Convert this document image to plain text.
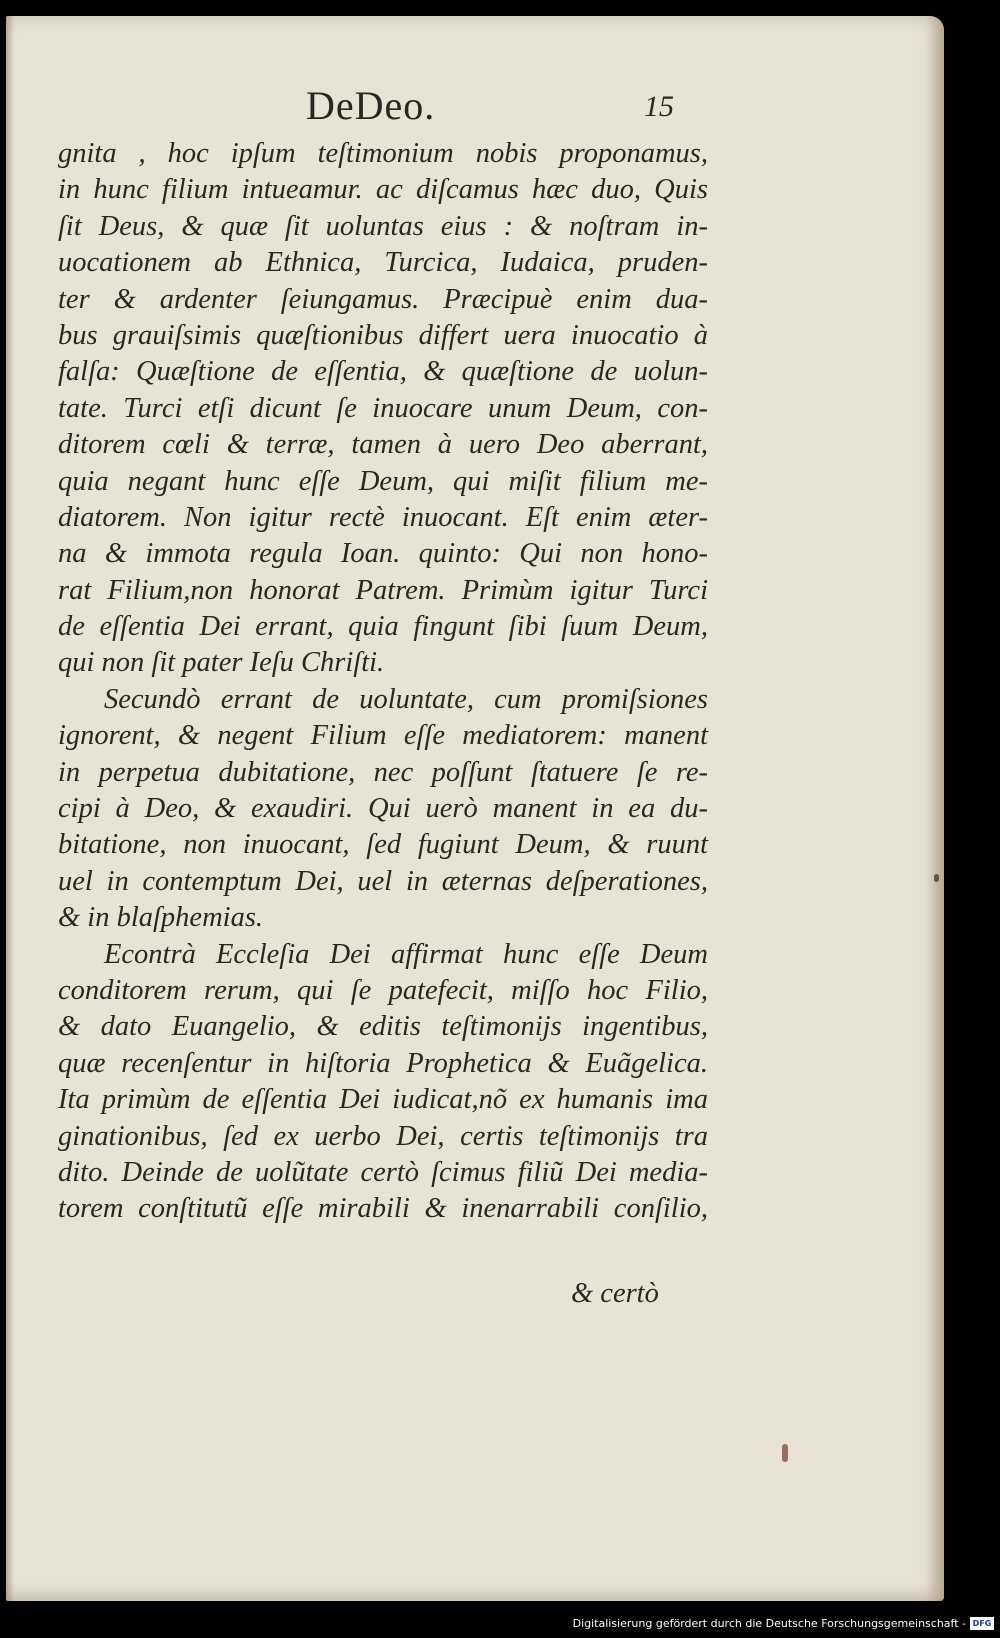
DeDeo.	15
gnita , hoc ipſum teſtimonium nobis proponamus,
in hunc filium intueamur. ac diſcamus hæc duo, Quis
ſit Deus, & quæ ſit uoluntas eius : & noſtram in-
uocationem ab Ethnica, Turcica, Iudaica, pruden-
ter & ardenter ſeiungamus. Præcipuè enim dua-
bus grauiſsimis quæſtionibus differt uera inuocatio à
falſa: Quæſtione de eſſentia, & quæſtione de uolun-
tate. Turci etſi dicunt ſe inuocare unum Deum, con-
ditorem cœli & terræ, tamen à uero Deo aberrant,
quia negant hunc eſſe Deum, qui miſit filium me-
diatorem. Non igitur rectè inuocant. Eſt enim æter-
na & immota regula Ioan. quinto: Qui non hono-
rat Filium,non honorat Patrem. Primùm igitur Turci
de eſſentia Dei errant, quia fingunt ſibi ſuum Deum,
qui non ſit pater Ieſu Chriſti.
Secundò errant de uoluntate, cum promiſsiones
ignorent, & negent Filium eſſe mediatorem: manent
in perpetua dubitatione, nec poſſunt ſtatuere ſe re-
cipi à Deo, & exaudiri. Qui uerò manent in ea du-
bitatione, non inuocant, ſed fugiunt Deum, & ruunt
uel in contemptum Dei, uel in æternas deſperationes,
& in blaſphemias.
Econtrà Eccleſia Dei affirmat hunc eſſe Deum
conditorem rerum, qui ſe patefecit, miſſo hoc Filio,
& dato Euangelio, & editis teſtimonijs ingentibus,
quæ recenſentur in hiſtoria Prophetica & Euãgelica.
Ita primùm de eſſentia Dei iudicat,nõ ex humanis ima
ginationibus, ſed ex uerbo Dei, certis teſtimonijs tra
dito. Deinde de uolũtate certò ſcimus filiũ Dei media-
torem conſtitutũ eſſe mirabili & inenarrabili conſilio,
& certò
Digitalisierung gefördert durch die Deutsche Forschungsgemeinschaft - DFG
